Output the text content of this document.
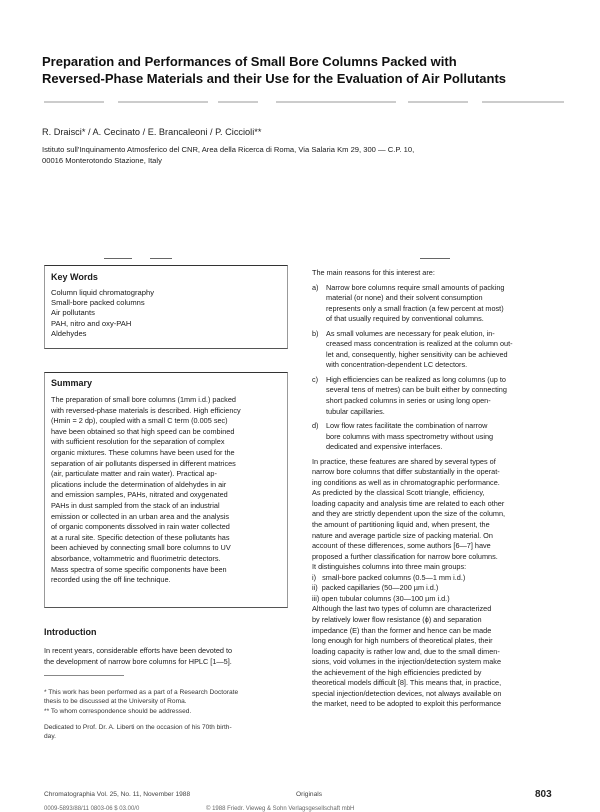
Preparation and Performances of Small Bore Columns Packed with
Reversed-Phase Materials and their Use for the Evaluation of Air Pollutants
R. Draisci* / A. Cecinato / E. Brancaleoni / P. Ciccioli**
Istituto sull'Inquinamento Atmosferico del CNR, Area della Ricerca di Roma, Via Salaria Km 29, 300 — C.P. 10,
00016 Monterotondo Stazione, Italy
Key Words
Column liquid chromatography
Small-bore packed columns
Air pollutants
PAH, nitro and oxy-PAH
Aldehydes
Summary
The preparation of small bore columns (1mm i.d.) packed
with reversed-phase materials is described. High efficiency
(Hmin = 2 dp), coupled with a small C term (0.005 sec)
have been obtained so that high speed can be combined
with sufficient resolution for the separation of complex
organic mixtures. These columns have been used for the
separation of air pollutants dispersed in different matrices
(air, particulate matter and rain water). Practical ap-
plications include the determination of aldehydes in air
and emission samples, PAHs, nitrated and oxygenated
PAHs in dust sampled from the stack of an industrial
emission or collected in an urban area and the analysis
of organic components dissolved in rain water collected
at a rural site. Specific detection of these pollutants has
been achieved by connecting small bore columns to UV
absorbance, voltammetric and fluorimetric detectors.
Mass spectra of some specific components have been
recorded using the off line technique.
Introduction
In recent years, considerable efforts have been devoted to
the development of narrow bore columns for HPLC [1—5].
* This work has been performed as a part of a Research Doctorate
thesis to be discussed at the University of Roma.
** To whom correspondence should be addressed.
Dedicated to Prof. Dr. A. Liberti on the occasion of his 70th birth-
day.
The main reasons for this interest are:
a)	Narrow bore columns require small amounts of packing
material (or none) and their solvent consumption
represents only a small fraction (a few percent at most)
of that usually required by conventional columns.
b)	As small volumes are necessary for peak elution, in-
creased mass concentration is realized at the column out-
let and, consequently, higher sensitivity can be achieved
with concentration-dependent LC detectors.
c)	High efficiencies can be realized as long columns (up to
several tens of metres) can be built either by connecting
short packed columns in series or using long open-
tubular capillaries.
d)	Low flow rates facilitate the combination of narrow
bore columns with mass spectrometry without using
dedicated and expensive interfaces.
In practice, these features are shared by several types of
narrow bore columns that differ substantially in the operat-
ing conditions as well as in chromatographic performance.
As predicted by the classical Scott triangle, efficiency,
loading capacity and analysis time are related to each other
and they are strictly dependent upon the size of the column,
the amount of partitioning liquid and, when present, the
nature and average particle size of packing material. On
account of these differences, some authors [6—7] have
proposed a further classification for narrow bore columns.
It distinguishes columns into three main groups:
i)   small-bore packed columns (0.5—1 mm i.d.)
ii)  packed capillaries (50—200 µm i.d.)
iii) open tubular columns (30—100 µm i.d.)
Although the last two types of column are characterized
by relatively lower flow resistance (ϕ) and separation
impedance (E) than the former and hence can be made
long enough for high numbers of theoretical plates, their
loading capacity is rather low and, due to the small dimen-
sions, void volumes in the injection/detection system make
the achievement of the high efficiencies predicted by
theoretical models difficult [8]. This means that, in practice,
special injection/detection devices, not always available on
the market, need to be adopted to exploit this performance
Chromatographia Vol. 25, No. 11, November 1988	Originals	803
0009-5893/88/11 0803-06 $ 03.00/0	© 1988 Friedr. Vieweg & Sohn Verlagsgesellschaft mbH
